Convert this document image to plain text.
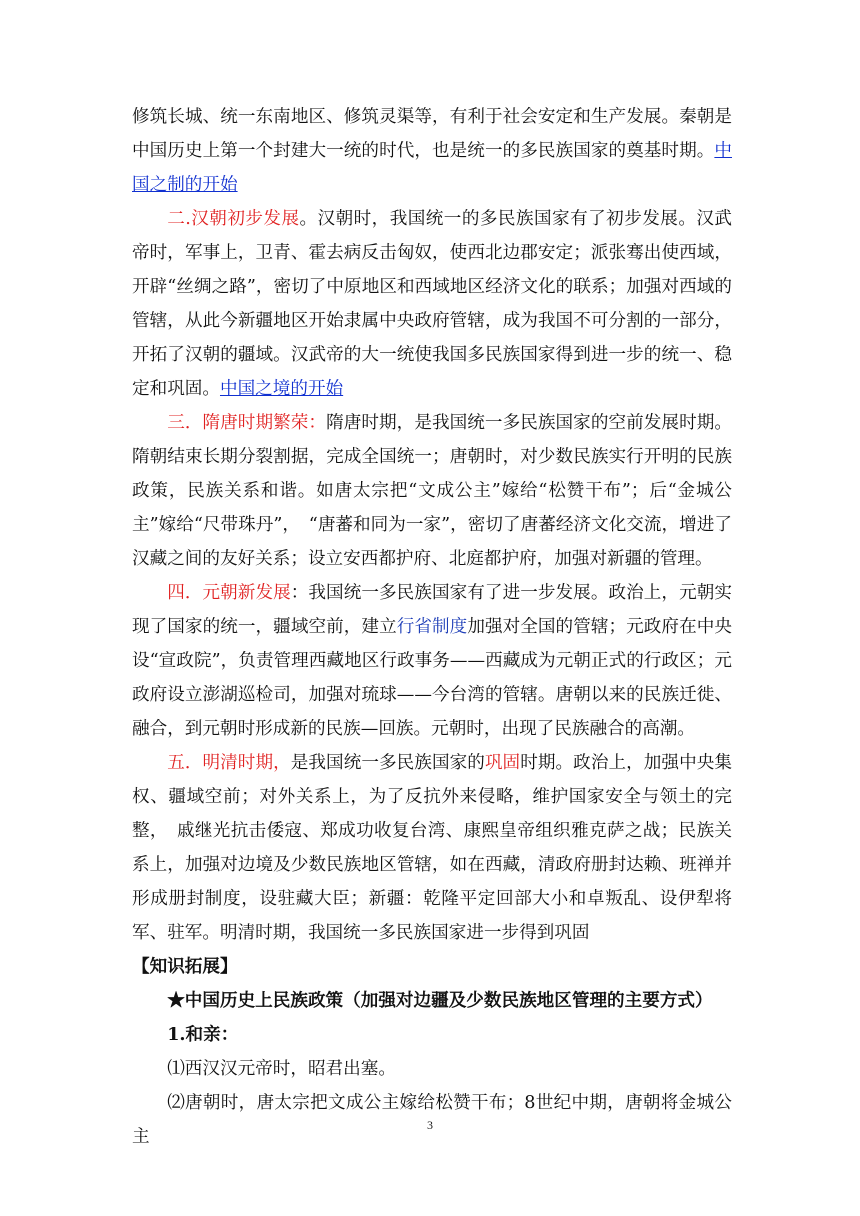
修筑长城、统一东南地区、修筑灵渠等，有利于社会安定和生产发展。秦朝是中国历史上第一个封建大一统的时代，也是统一的多民族国家的奠基时期。中国之制的开始

二.汉朝初步发展。汉朝时，我国统一的多民族国家有了初步发展。汉武帝时，军事上，卫青、霍去病反击匈奴，使西北边郡安定；派张骞出使西域，开辟“丝绸之路”，密切了中原地区和西域地区经济文化的联系；加强对西域的管辖，从此今新疆地区开始隶属中央政府管辖，成为我国不可分割的一部分，开拓了汉朝的疆域。汉武帝的大一统使我国多民族国家得到进一步的统一、稳定和巩固。中国之境的开始

三．隋唐时期繁荣：隋唐时期，是我国统一多民族国家的空前发展时期。隋朝结束长期分裂割据，完成全国统一；唐朝时，对少数民族实行开明的民族政策，民族关系和谐。如唐太宗把“文成公主”嫁给“松赞干布”；后“金城公主”嫁给“尺带珠丹”，　“唐蕃和同为一家”，密切了唐蕃经济文化交流，增进了汉藏之间的友好关系；设立安西都护府、北庭都护府，加强对新疆的管理。

四．元朝新发展：我国统一多民族国家有了进一步发展。政治上，元朝实现了国家的统一，疆域空前，建立行省制度加强对全国的管辖；元政府在中央设“宣政院”，负责管理西藏地区行政事务——西藏成为元朝正式的行政区；元政府设立澎湖巡检司，加强对琉球——今台湾的管辖。唐朝以来的民族迁徙、融合，到元朝时形成新的民族—回族。元朝时，出现了民族融合的高潮。

五．明清时期，是我国统一多民族国家的巩固时期。政治上，加强中央集权、疆域空前；对外关系上，为了反抗外来侵略，维护国家安全与领土的完整，　戚继光抗击倭寇、郑成功收复台湾、康熙皇帝组织雅克萨之战；民族关系上，加强对边境及少数民族地区管辖，如在西藏，清政府册封达赖、班禅并形成册封制度，设驻藏大臣；新疆：乾隆平定回部大小和卓叛乱、设伊犁将军、驻军。明清时期，我国统一多民族国家进一步得到巩固

【知识拓展】

★中国历史上民族政策（加强对边疆及少数民族地区管理的主要方式）

1.和亲：

⑴西汉汉元帝时，昭君出塞。

⑵唐朝时，唐太宗把文成公主嫁给松赞干布；8世纪中期，唐朝将金城公主

3
